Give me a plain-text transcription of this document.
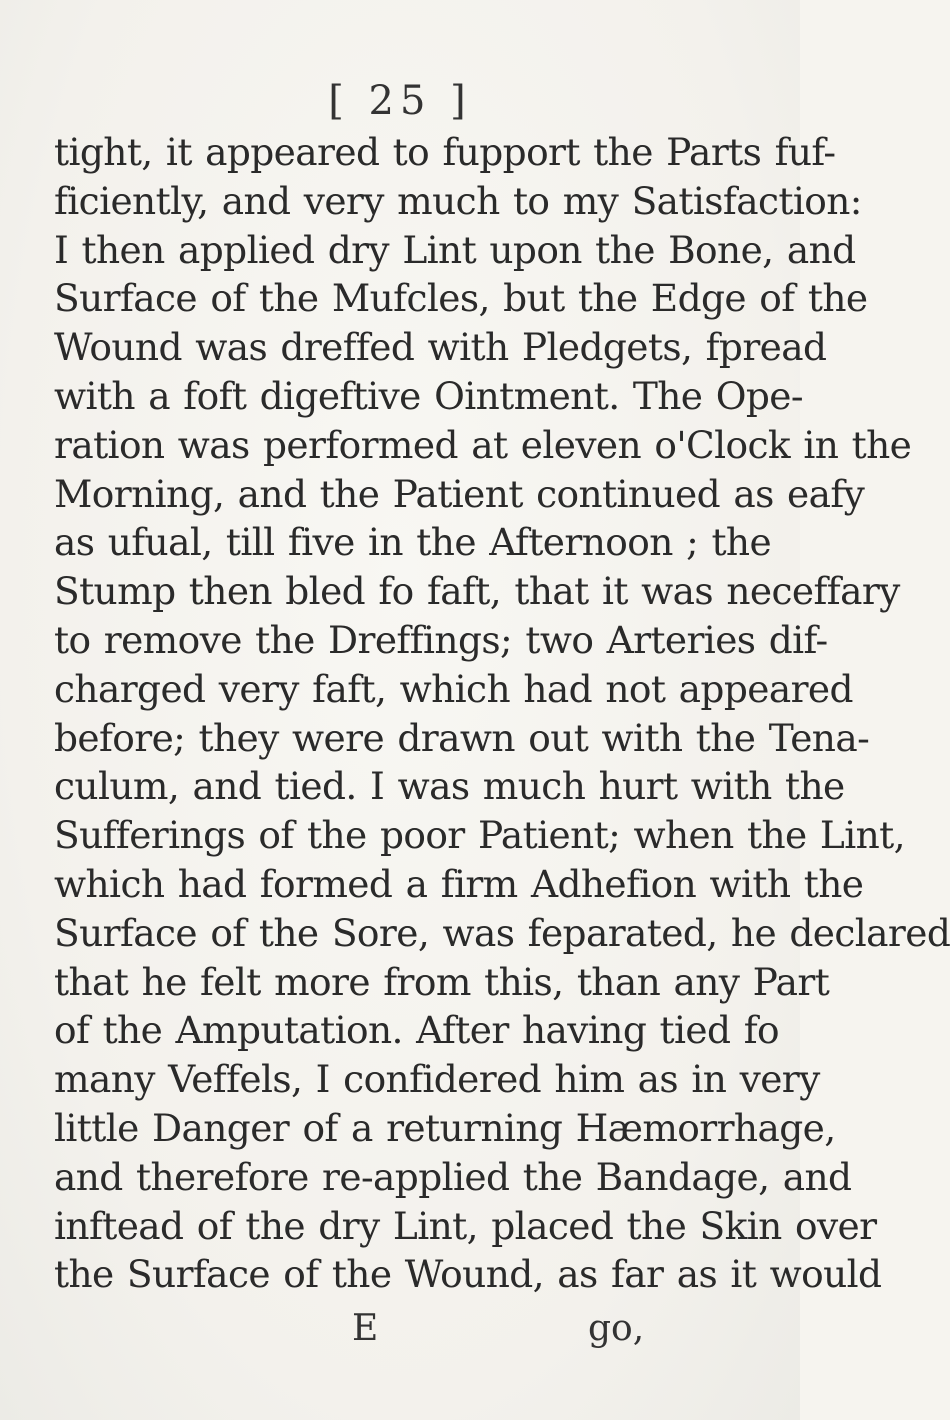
[ 25 ]
tight, it appeared to fupport the Parts fuf-
ficiently, and very much to my Satisfaction:
I then applied dry Lint upon the Bone, and
Surface of the Mufcles, but the Edge of the
Wound was dreffed with Pledgets, fpread
with a foft digeftive Ointment. The Ope-
ration was performed at eleven o'Clock in the
Morning, and the Patient continued as eafy
as ufual, till five in the Afternoon ; the
Stump then bled fo faft, that it was neceffary
to remove the Dreffings; two Arteries dif-
charged very faft, which had not appeared
before; they were drawn out with the Tena-
culum, and tied. I was much hurt with the
Sufferings of the poor Patient; when the Lint,
which had formed a firm Adhefion with the
Surface of the Sore, was feparated, he declared
that he felt more from this, than any Part
of the Amputation. After having tied fo
many Veffels, I confidered him as in very
little Danger of a returning Hæmorrhage,
and therefore re-applied the Bandage, and
inftead of the dry Lint, placed the Skin over
the Surface of the Wound, as far as it would
E	go,
